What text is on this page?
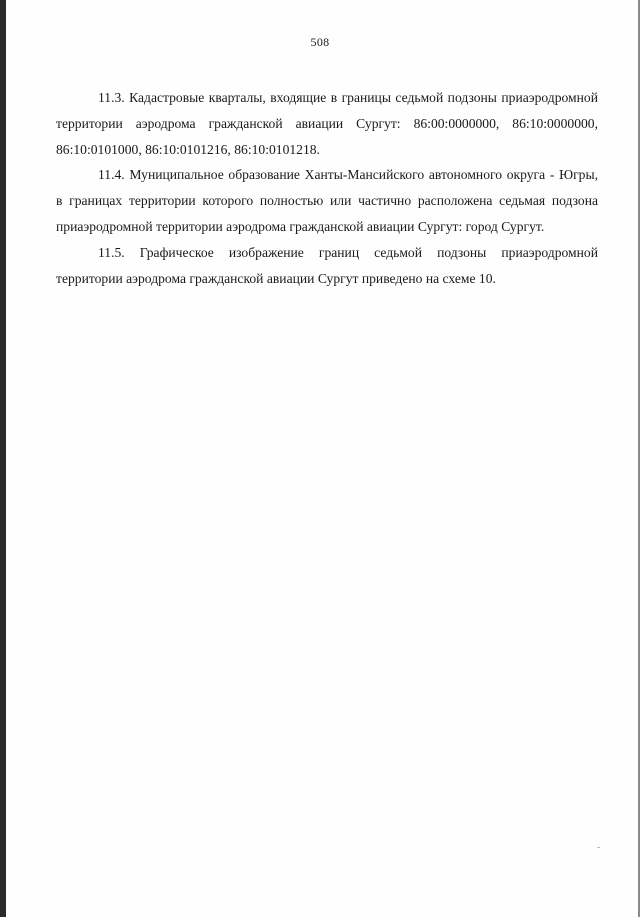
508

11.3. Кадастровые кварталы, входящие в границы седьмой подзоны приаэродромной территории аэродрома гражданской авиации Сургут: 86:00:0000000, 86:10:0000000, 86:10:0101000, 86:10:0101216, 86:10:0101218.

11.4. Муниципальное образование Ханты-Мансийского автономного округа - Югры, в границах территории которого полностью или частично расположена седьмая подзона приаэродромной территории аэродрома гражданской авиации Сургут: город Сургут.

11.5. Графическое изображение границ седьмой подзоны приаэродромной территории аэродрома гражданской авиации Сургут приведено на схеме 10.
